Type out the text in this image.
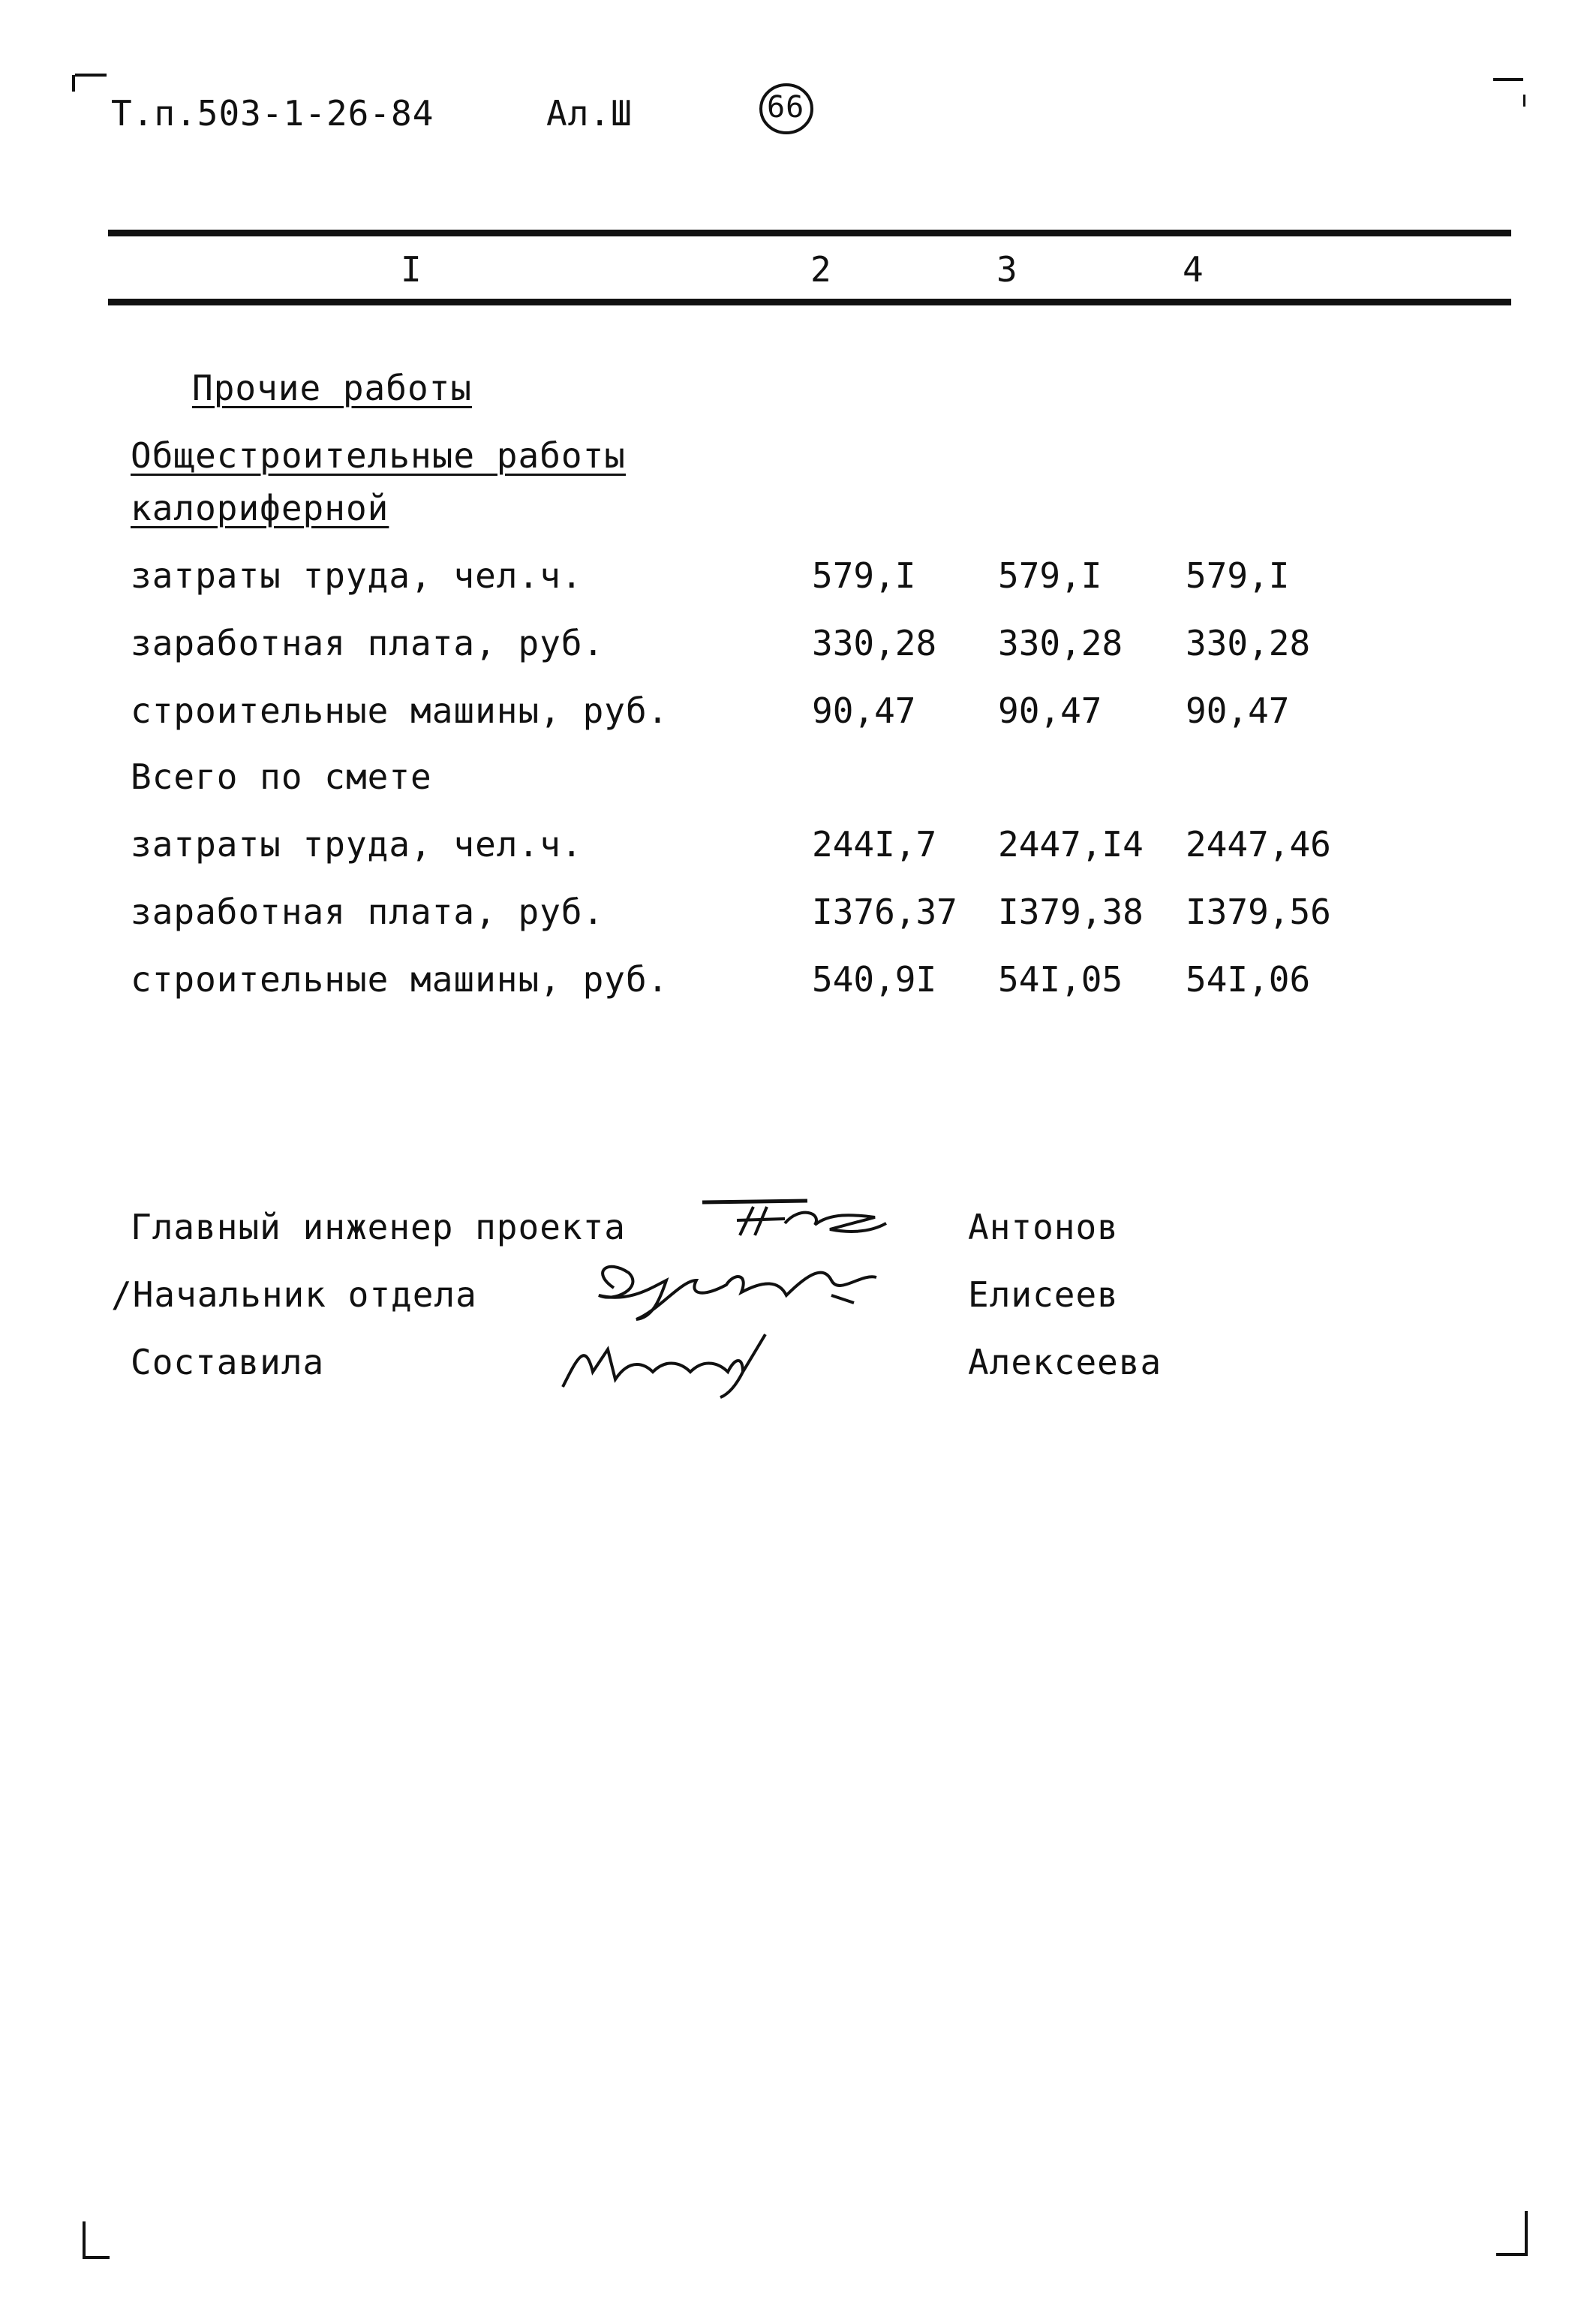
Т.п.503-1-26-84	Ал.Ш	66
I	2	3	4
Прочие работы
Общестроительные работы
калориферной
затраты труда, чел.ч.	579,I 579,I 579,I
заработная плата, руб.	330,28 330,28 330,28
строительные машины, руб.	90,47 90,47 90,47
Всего по смете
затраты труда, чел.ч.	244I,7 2447,I4 2447,46
заработная плата, руб.	I376,37 I379,38 I379,56
строительные машины, руб.	540,9I 54I,05 54I,06
Главный инженер проекта	Антонов
/Начальник отдела	Елисеев
Составила	Алексеева
